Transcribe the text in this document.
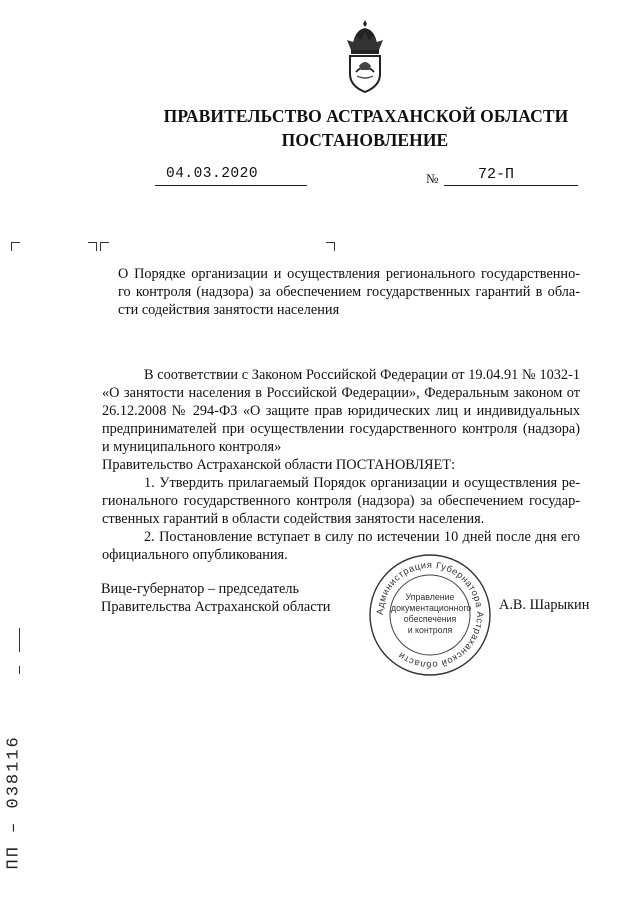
ПРАВИТЕЛЬСТВО АСТРАХАНСКОЙ ОБЛАСТИ
ПОСТАНОВЛЕНИЕ
04.03.2020	№	72-П
О Порядке организации и осуществления регионального государственно-
го контроля (надзора) за обеспечением государственных гарантий в обла-
сти содействия занятости населения
В соответствии с Законом Российской Федерации от 19.04.91 № 1032-1
«О занятости населения в Российской Федерации», Федеральным законом от
26.12.2008 № 294-ФЗ «О защите прав юридических лиц и индивидуальных
предпринимателей при осуществлении государственного контроля (надзора)
и муниципального контроля»
Правительство Астраханской области ПОСТАНОВЛЯЕТ:
1. Утвердить прилагаемый Порядок организации и осуществления ре-
гионального государственного контроля (надзора) за обеспечением государ-
ственных гарантий в области содействия занятости населения.
2. Постановление вступает в силу по истечении 10 дней после дня его
официального опубликования.
Вице-губернатор – председатель
Правительства Астраханской области	А.В. Шарыкин
Администрация Губернатора Астраханской области
Управление
документационного
обеспечения
и контроля
ПП – 038116
